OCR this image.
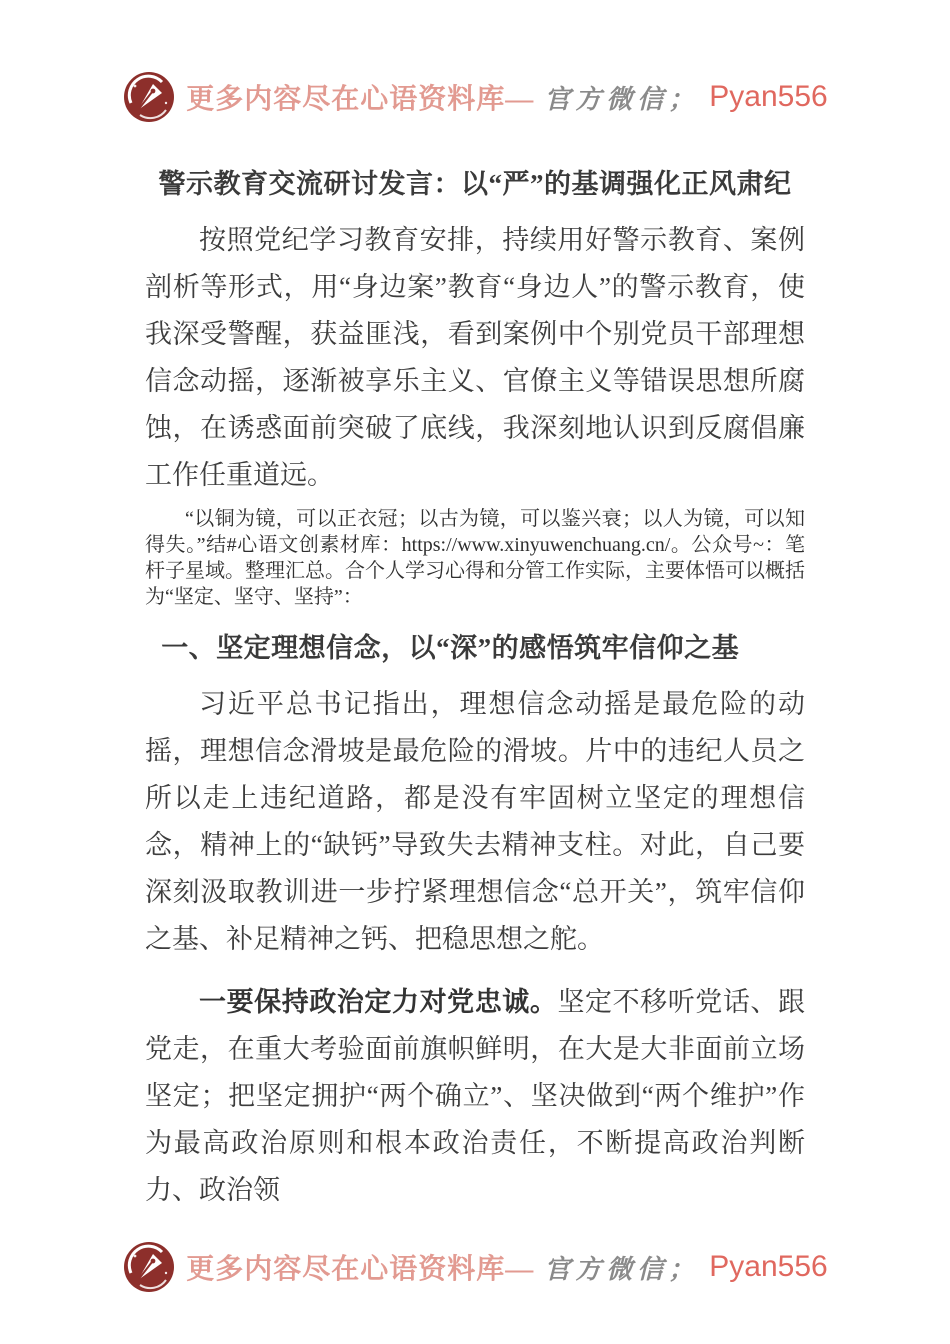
更多内容尽在心语资料库— 官方微信； Pyan556
警示教育交流研讨发言：以“严”的基调强化正风肃纪

按照党纪学习教育安排，持续用好警示教育、案例剖析等形式，用“身边案”教育“身边人”的警示教育，使我深受警醒，获益匪浅，看到案例中个别党员干部理想信念动摇，逐渐被享乐主义、官僚主义等错误思想所腐蚀，在诱惑面前突破了底线，我深刻地认识到反腐倡廉工作任重道远。

“以铜为镜，可以正衣冠；以古为镜，可以鉴兴衰；以人为镜，可以知得失。”结#心语文创素材库：https://www.xinyuwenchuang.cn/。公众号~：笔杆子星域。整理汇总。合个人学习心得和分管工作实际，主要体悟可以概括为“坚定、坚守、坚持”：

一、坚定理想信念，以“深”的感悟筑牢信仰之基

习近平总书记指出，理想信念动摇是最危险的动摇，理想信念滑坡是最危险的滑坡。片中的违纪人员之所以走上违纪道路，都是没有牢固树立坚定的理想信念，精神上的“缺钙”导致失去精神支柱。对此，自己要深刻汲取教训进一步拧紧理想信念“总开关”，筑牢信仰之基、补足精神之钙、把稳思想之舵。

一要保持政治定力对党忠诚。坚定不移听党话、跟党走，在重大考验面前旗帜鲜明，在大是大非面前立场坚定；把坚定拥护“两个确立”、坚决做到“两个维护”作为最高政治原则和根本政治责任，不断提高政治判断力、政治领

更多内容尽在心语资料库— 官方微信； Pyan556
